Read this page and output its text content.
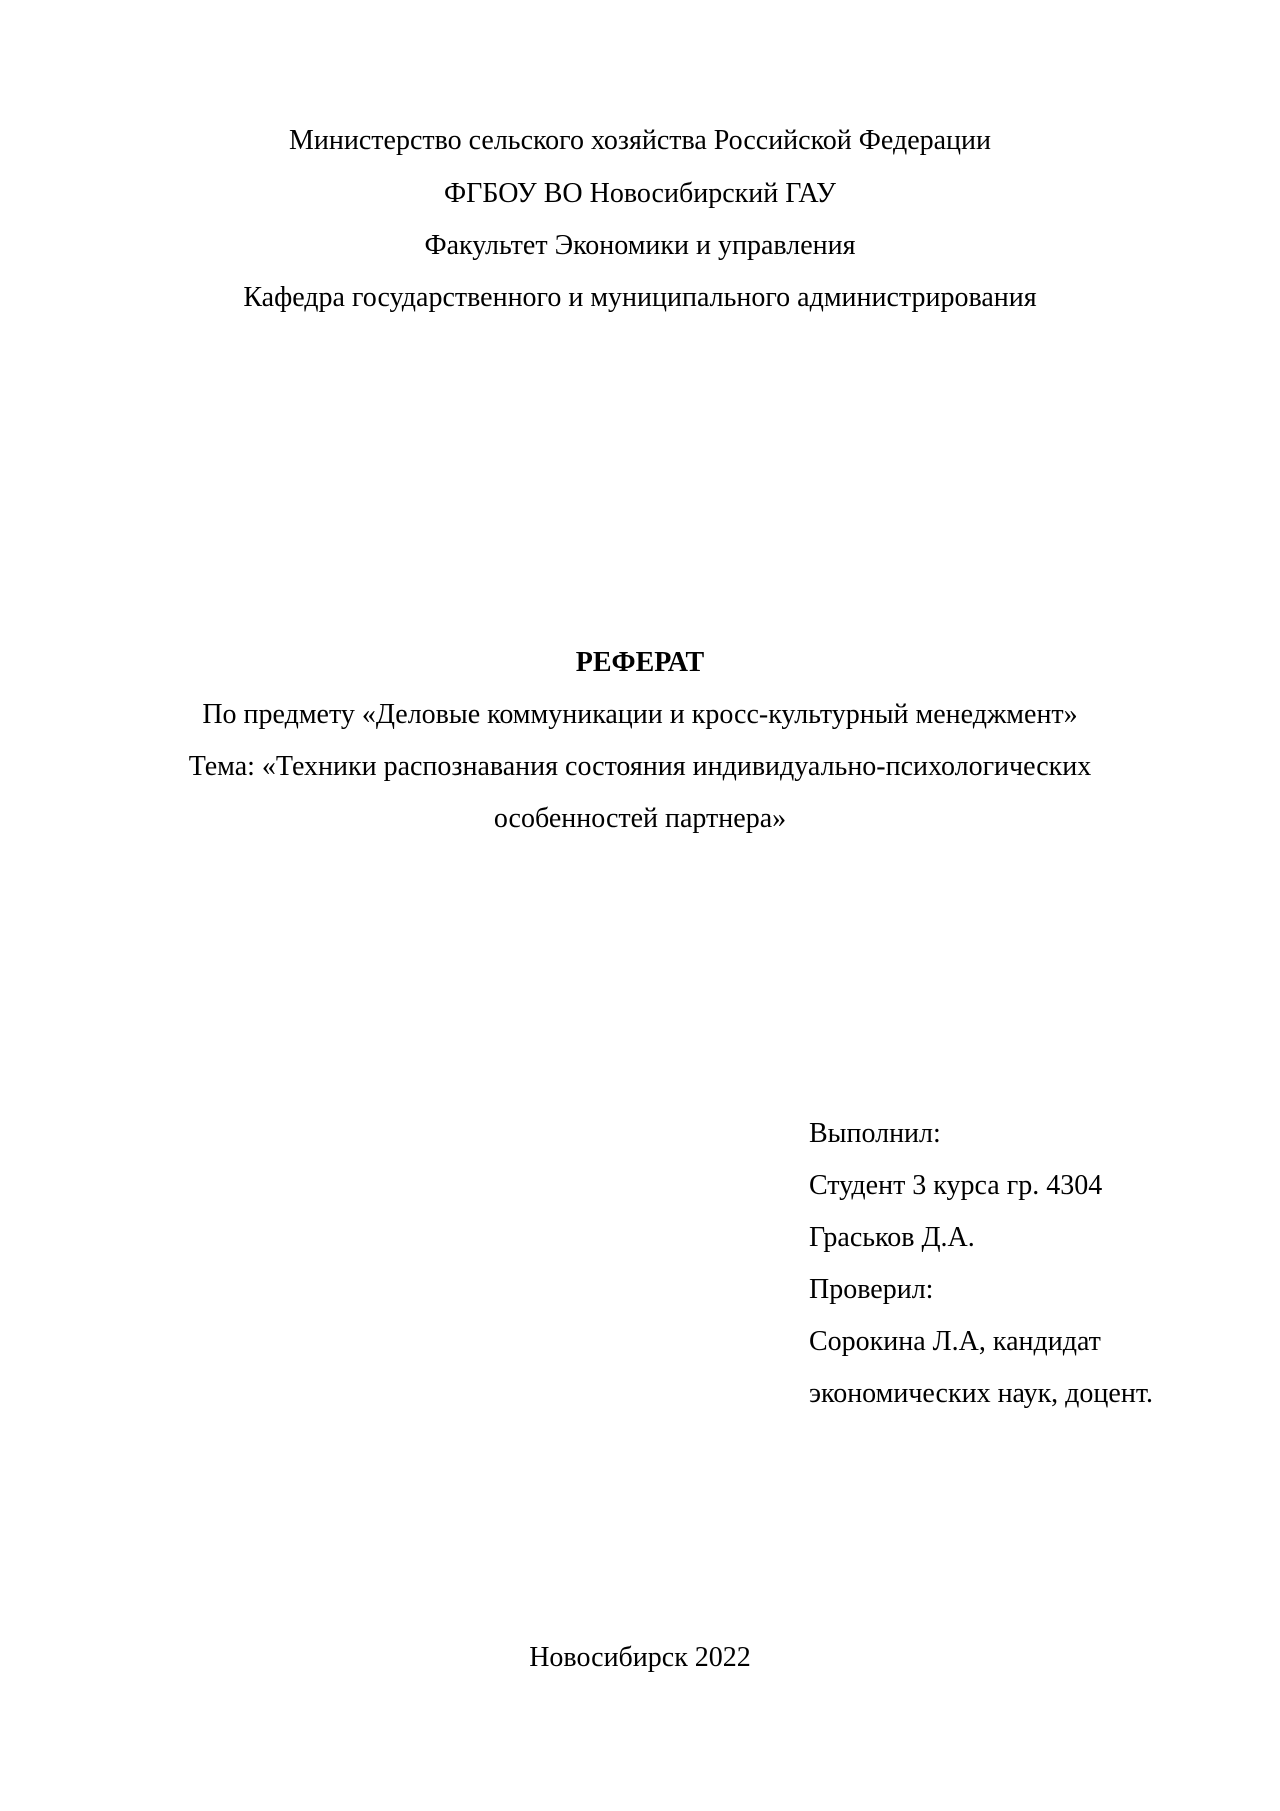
Министерство сельского хозяйства Российской Федерации
ФГБОУ ВО Новосибирский ГАУ
Факультет Экономики и управления
Кафедра государственного и муниципального администрирования
РЕФЕРАТ
По предмету «Деловые коммуникации и кросс-культурный менеджмент»
Тема: «Техники распознавания состояния индивидуально-психологических
особенностей партнера»
Выполнил:
Студент 3 курса гр. 4304
Граськов Д.А.
Проверил:
Сорокина Л.А, кандидат
экономических наук, доцент.
Новосибирск 2022
